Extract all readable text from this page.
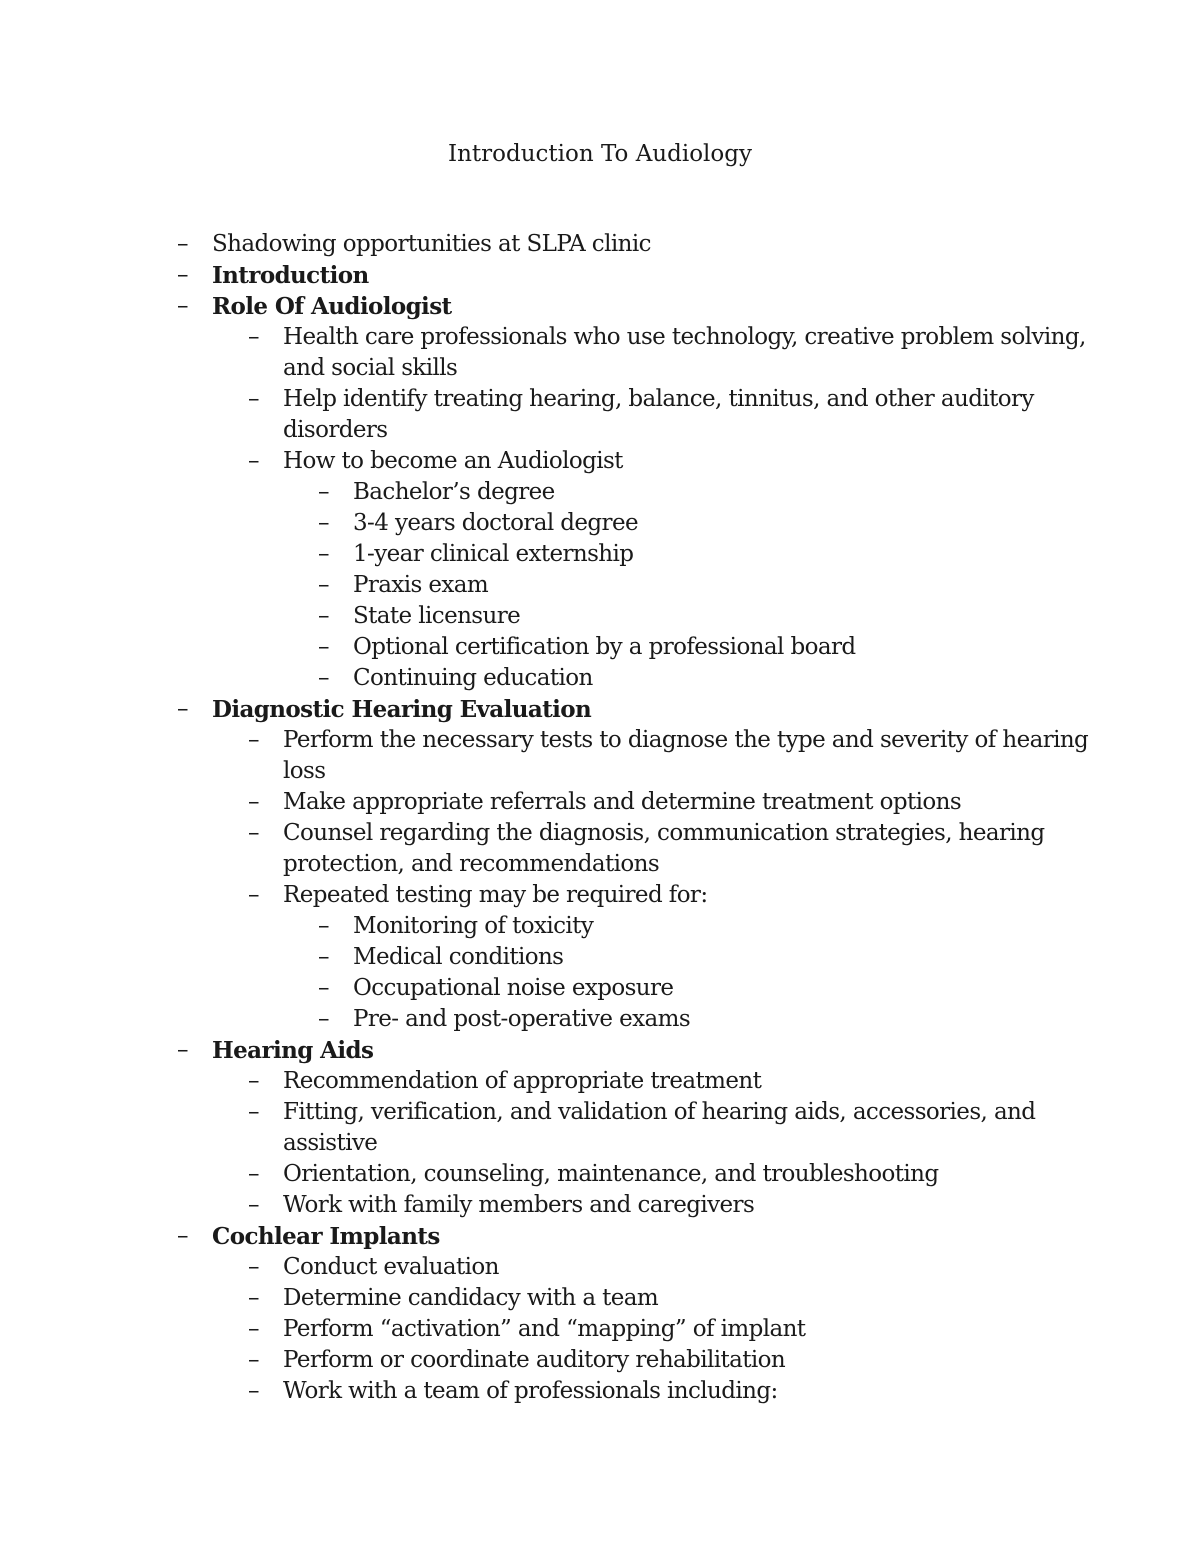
Introduction To Audiology
–	Shadowing opportunities at SLPA clinic
–	Introduction
–	Role Of Audiologist
–	Health care professionals who use technology, creative problem solving,
and social skills
–	Help identify treating hearing, balance, tinnitus, and other auditory
disorders
–	How to become an Audiologist
–	Bachelor’s degree
–	3-4 years doctoral degree
–	1-year clinical externship
–	Praxis exam
–	State licensure
–	Optional certification by a professional board
–	Continuing education
–	Diagnostic Hearing Evaluation
–	Perform the necessary tests to diagnose the type and severity of hearing
loss
–	Make appropriate referrals and determine treatment options
–	Counsel regarding the diagnosis, communication strategies, hearing
protection, and recommendations
–	Repeated testing may be required for:
–	Monitoring of toxicity
–	Medical conditions
–	Occupational noise exposure
–	Pre- and post-operative exams
–	Hearing Aids
–	Recommendation of appropriate treatment
–	Fitting, verification, and validation of hearing aids, accessories, and
assistive
–	Orientation, counseling, maintenance, and troubleshooting
–	Work with family members and caregivers
–	Cochlear Implants
–	Conduct evaluation
–	Determine candidacy with a team
–	Perform “activation” and “mapping” of implant
–	Perform or coordinate auditory rehabilitation
–	Work with a team of professionals including:
